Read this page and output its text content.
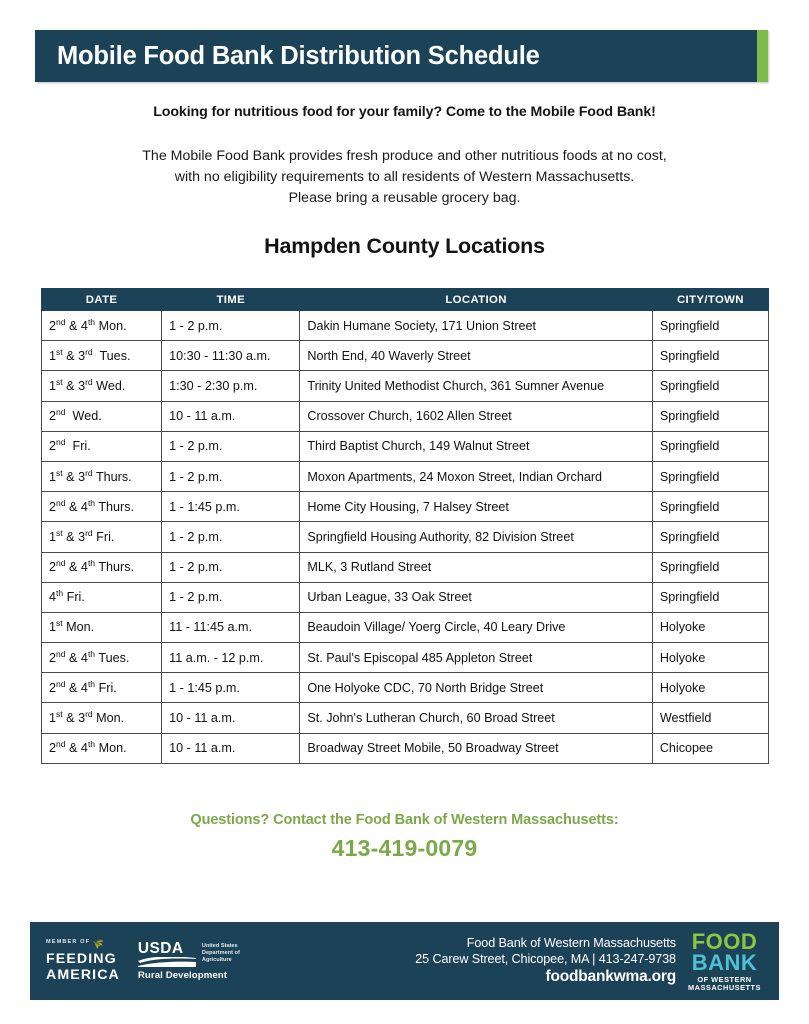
Mobile Food Bank Distribution Schedule
Looking for nutritious food for your family? Come to the Mobile Food Bank!
The Mobile Food Bank provides fresh produce and other nutritious foods at no cost,
with no eligibility requirements to all residents of Western Massachusetts.
Please bring a reusable grocery bag.
Hampden County Locations
DATE	TIME	LOCATION	CITY/TOWN
2nd & 4th Mon.	1 - 2 p.m.	Dakin Humane Society, 171 Union Street	Springfield
1st & 3rd  Tues.	10:30 - 11:30 a.m.	North End, 40 Waverly Street	Springfield
1st & 3rd Wed.	1:30 - 2:30 p.m.	Trinity United Methodist Church, 361 Sumner Avenue	Springfield
2nd  Wed.	10 - 11 a.m.	Crossover Church, 1602 Allen Street	Springfield
2nd  Fri.	1 - 2 p.m.	Third Baptist Church, 149 Walnut Street	Springfield
1st & 3rd Thurs.	1 - 2 p.m.	Moxon Apartments, 24 Moxon Street, Indian Orchard	Springfield
2nd & 4th Thurs.	1 - 1:45 p.m.	Home City Housing, 7 Halsey Street	Springfield
1st & 3rd Fri.	1 - 2 p.m.	Springfield Housing Authority, 82 Division Street	Springfield
2nd & 4th Thurs.	1 - 2 p.m.	MLK, 3 Rutland Street	Springfield
4th Fri.	1 - 2 p.m.	Urban League, 33 Oak Street	Springfield
1st Mon.	11 - 11:45 a.m.	Beaudoin Village/ Yoerg Circle, 40 Leary Drive	Holyoke
2nd & 4th Tues.	11 a.m. - 12 p.m.	St. Paul's Episcopal 485 Appleton Street	Holyoke
2nd & 4th Fri.	1 - 1:45 p.m.	One Holyoke CDC, 70 North Bridge Street	Holyoke
1st & 3rd Mon.	10 - 11 a.m.	St. John's Lutheran Church, 60 Broad Street	Westfield
2nd & 4th Mon.	10 - 11 a.m.	Broadway Street Mobile, 50 Broadway Street	Chicopee
Questions? Contact the Food Bank of Western Massachusetts:
413-419-0079
MEMBER OF 🌾
FEEDING
AMERICA
USDA	United States
Department of
Agriculture
Rural Development
Food Bank of Western Massachusetts
25 Carew Street, Chicopee, MA | 413-247-9738
foodbankwma.org
FOOD
BANK
OF WESTERN
MASSACHUSETTS
